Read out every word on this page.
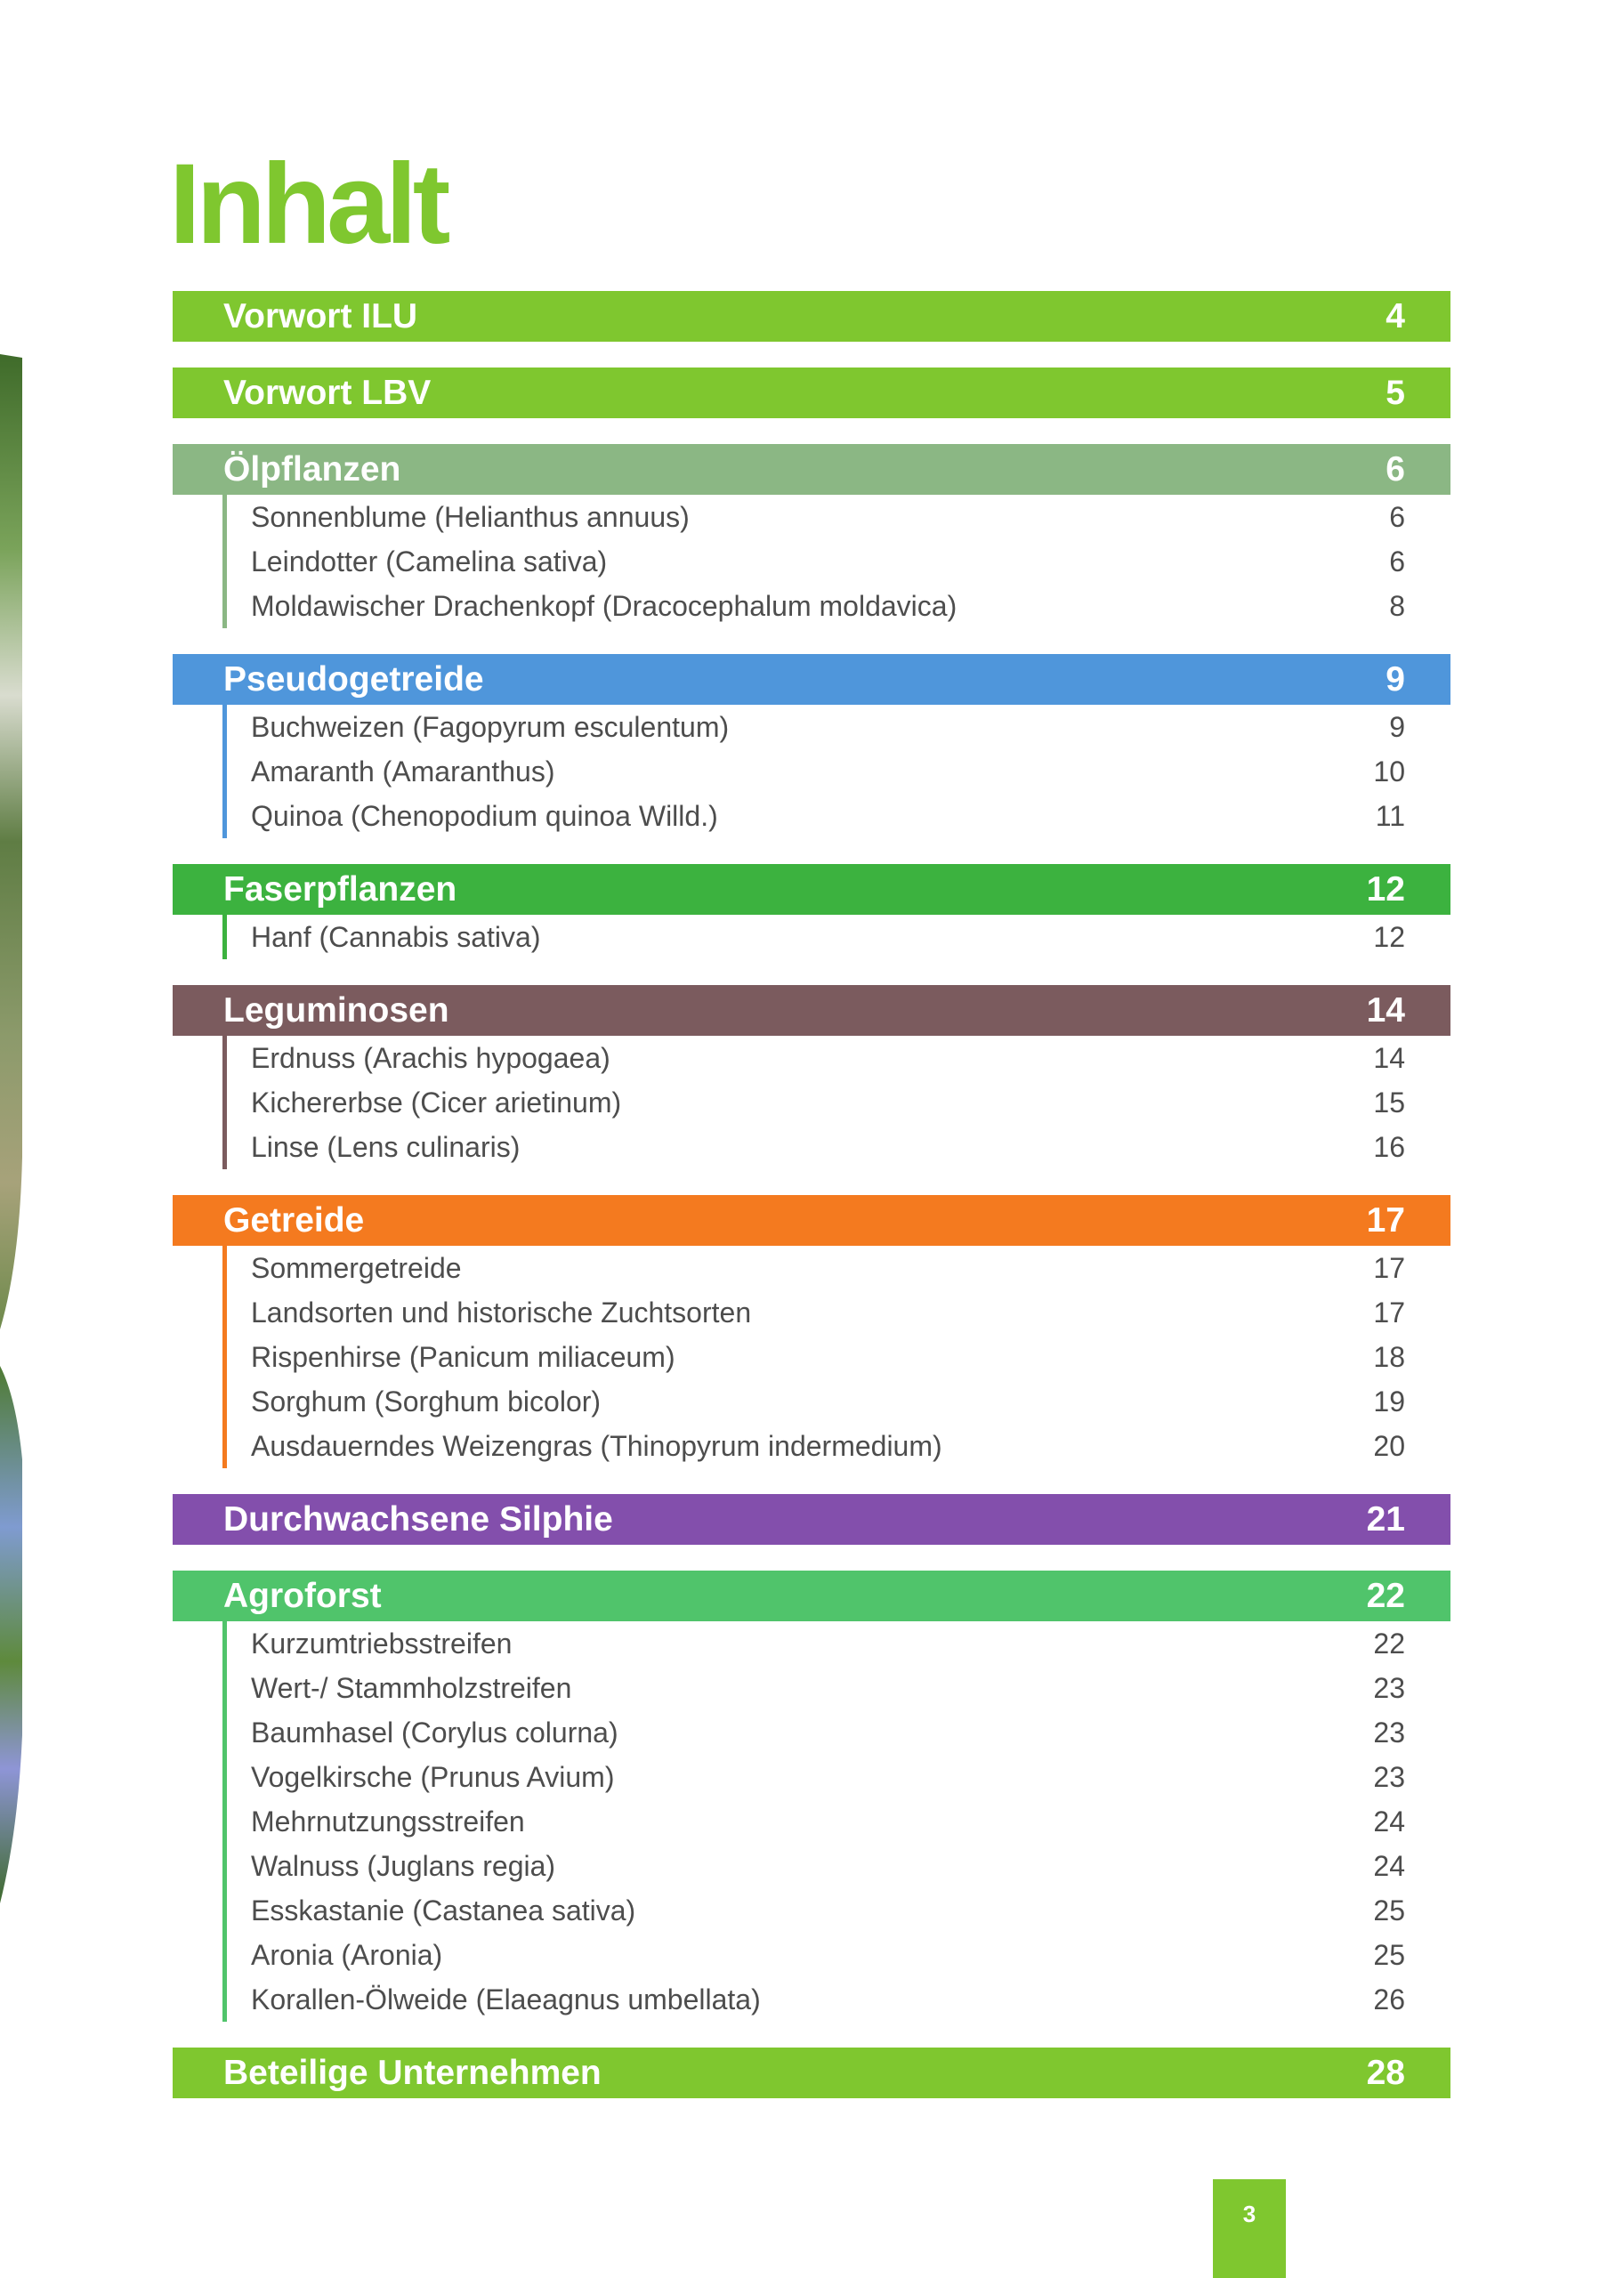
Inhalt
Vorwort ILU	4
Vorwort LBV	5
Ölpflanzen	6
Sonnenblume (Helianthus annuus)	6
Leindotter (Camelina sativa)	6
Moldawischer Drachenkopf (Dracocephalum moldavica)	8
Pseudogetreide	9
Buchweizen (Fagopyrum esculentum)	9
Amaranth (Amaranthus)	10
Quinoa (Chenopodium quinoa Willd.)	11
Faserpflanzen	12
Hanf (Cannabis sativa)	12
Leguminosen	14
Erdnuss (Arachis hypogaea)	14
Kichererbse (Cicer arietinum)	15
Linse (Lens culinaris)	16
Getreide	17
Sommergetreide	17
Landsorten und historische Zuchtsorten	17
Rispenhirse (Panicum miliaceum)	18
Sorghum (Sorghum bicolor)	19
Ausdauerndes Weizengras (Thinopyrum indermedium)	20
Durchwachsene Silphie	21
Agroforst	22
Kurzumtriebsstreifen	22
Wert-/ Stammholzstreifen	23
Baumhasel (Corylus colurna)	23
Vogelkirsche (Prunus Avium)	23
Mehrnutzungsstreifen	24
Walnuss (Juglans regia)	24
Esskastanie (Castanea sativa)	25
Aronia (Aronia)	25
Korallen-Ölweide (Elaeagnus umbellata)	26
Beteilige Unternehmen	28
3
